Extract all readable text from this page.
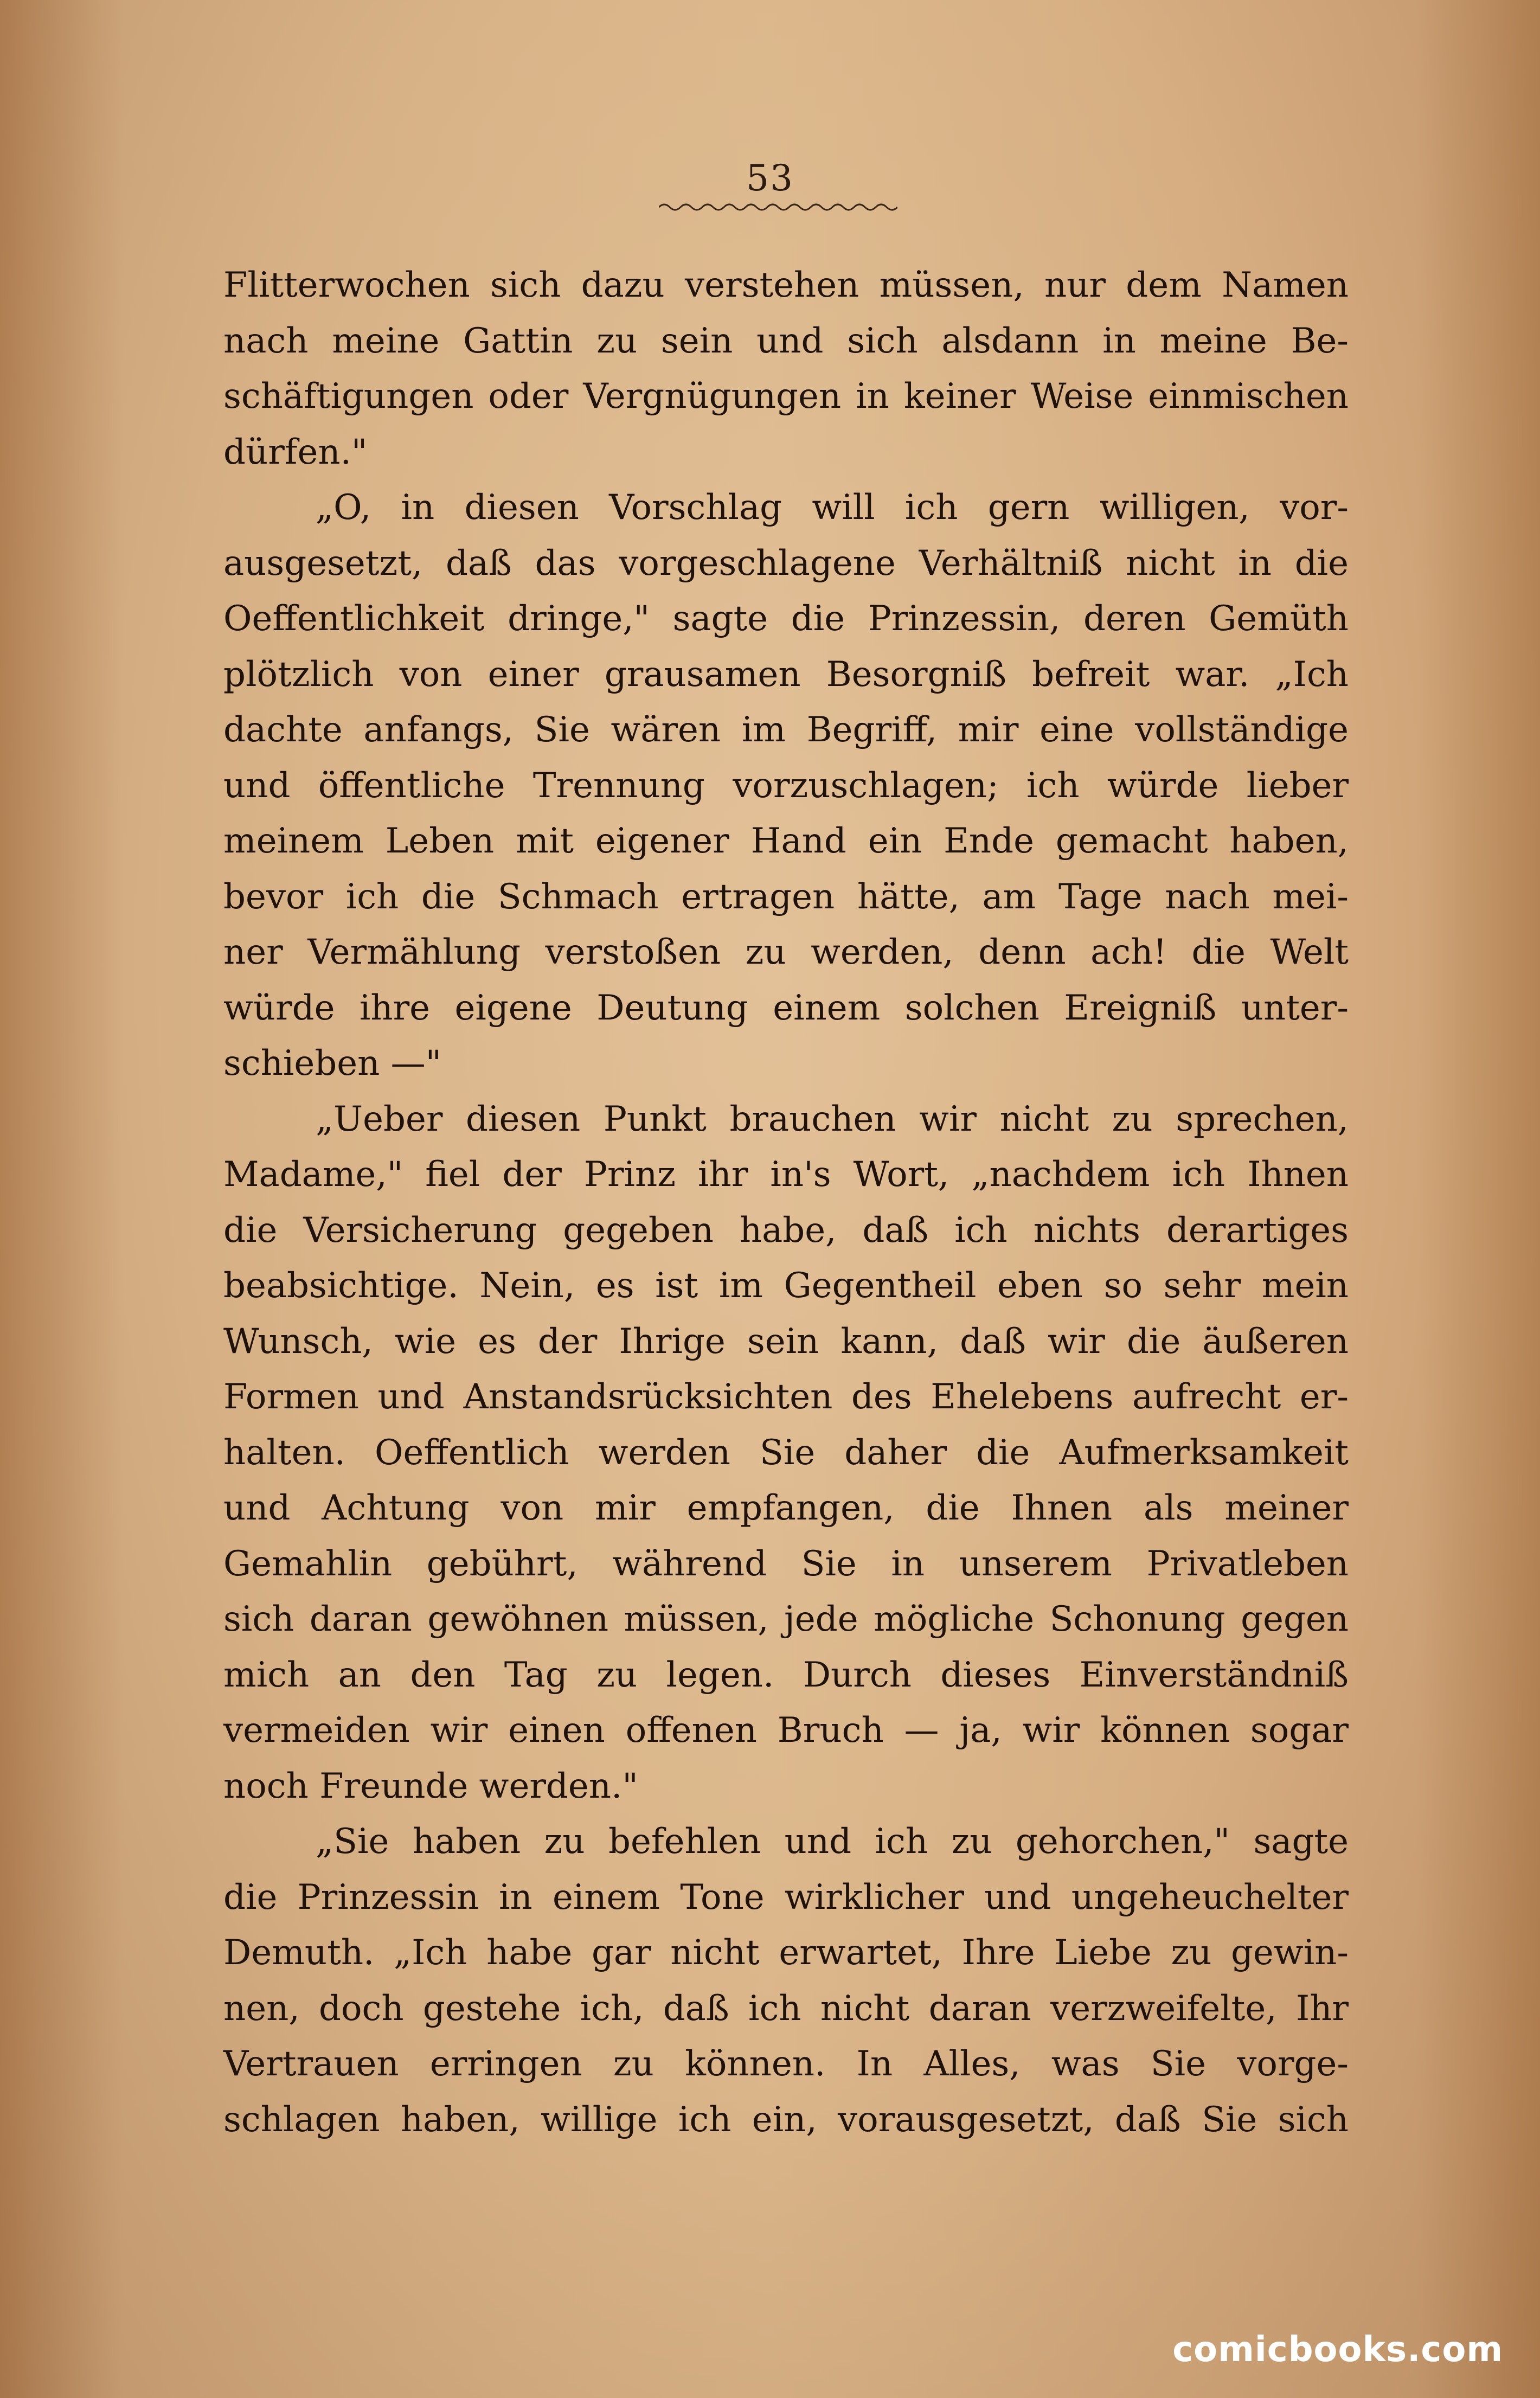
53
Flitterwochen sich dazu verstehen müssen, nur dem Namen
nach meine Gattin zu sein und sich alsdann in meine Be-
schäftigungen oder Vergnügungen in keiner Weise einmischen
dürfen."
„O, in diesen Vorschlag will ich gern willigen, vor-
ausgesetzt, daß das vorgeschlagene Verhältniß nicht in die
Oeffentlichkeit dringe," sagte die Prinzessin, deren Gemüth
plötzlich von einer grausamen Besorgniß befreit war. „Ich
dachte anfangs, Sie wären im Begriff, mir eine vollständige
und öffentliche Trennung vorzuschlagen; ich würde lieber
meinem Leben mit eigener Hand ein Ende gemacht haben,
bevor ich die Schmach ertragen hätte, am Tage nach mei-
ner Vermählung verstoßen zu werden, denn ach! die Welt
würde ihre eigene Deutung einem solchen Ereigniß unter-
schieben —"
„Ueber diesen Punkt brauchen wir nicht zu sprechen,
Madame," fiel der Prinz ihr in's Wort, „nachdem ich Ihnen
die Versicherung gegeben habe, daß ich nichts derartiges
beabsichtige. Nein, es ist im Gegentheil eben so sehr mein
Wunsch, wie es der Ihrige sein kann, daß wir die äußeren
Formen und Anstandsrücksichten des Ehelebens aufrecht er-
halten. Oeffentlich werden Sie daher die Aufmerksamkeit
und Achtung von mir empfangen, die Ihnen als meiner
Gemahlin gebührt, während Sie in unserem Privatleben
sich daran gewöhnen müssen, jede mögliche Schonung gegen
mich an den Tag zu legen. Durch dieses Einverständniß
vermeiden wir einen offenen Bruch — ja, wir können sogar
noch Freunde werden."
„Sie haben zu befehlen und ich zu gehorchen," sagte
die Prinzessin in einem Tone wirklicher und ungeheuchelter
Demuth. „Ich habe gar nicht erwartet, Ihre Liebe zu gewin-
nen, doch gestehe ich, daß ich nicht daran verzweifelte, Ihr
Vertrauen erringen zu können. In Alles, was Sie vorge-
schlagen haben, willige ich ein, vorausgesetzt, daß Sie sich
comicbooks.com
